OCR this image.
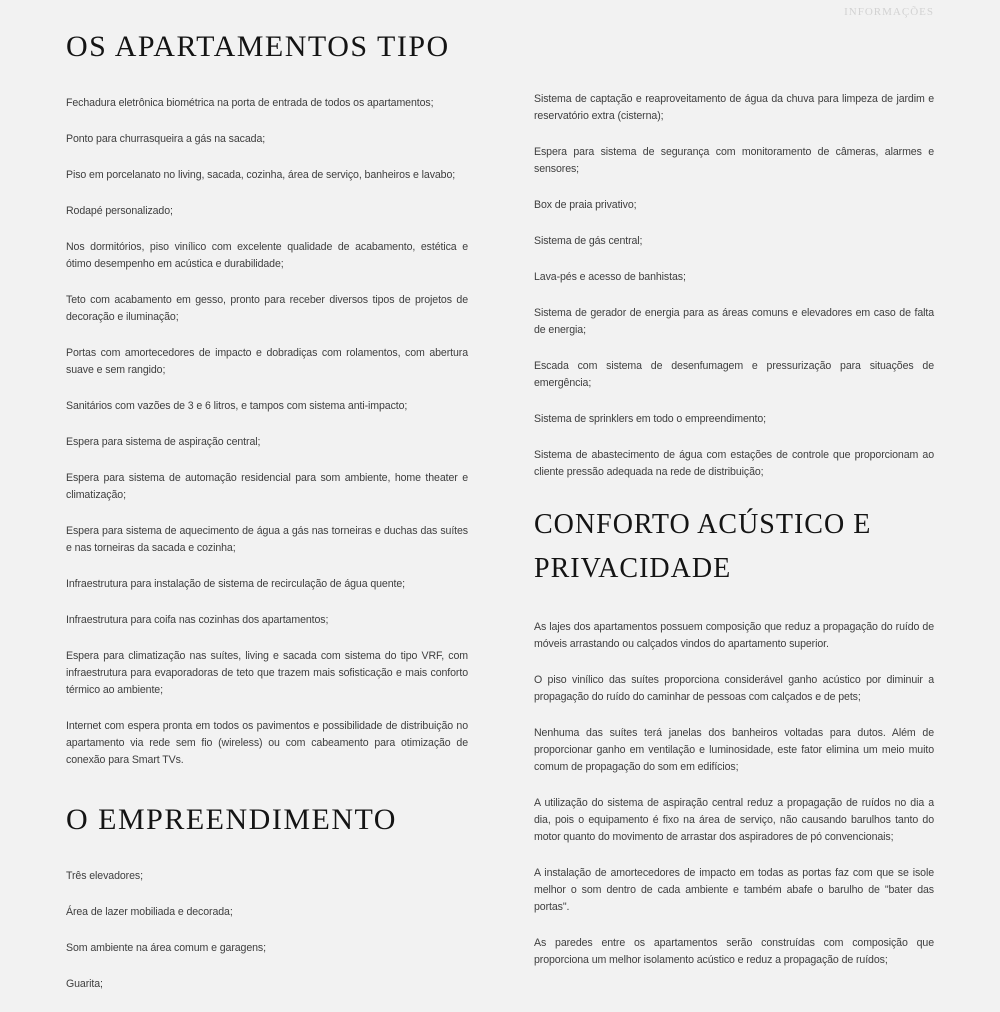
INFORMAÇÕES
OS APARTAMENTOS TIPO
Fechadura eletrônica biométrica na porta de entrada de todos os apartamentos;
Ponto para churrasqueira a gás na sacada;
Piso em porcelanato no living, sacada, cozinha, área de serviço, banheiros e lavabo;
Rodapé personalizado;
Nos dormitórios, piso vinílico com excelente qualidade de acabamento, estética e ótimo desempenho em acústica e durabilidade;
Teto com acabamento em gesso, pronto para receber diversos tipos de projetos de decoração e iluminação;
Portas com amortecedores de impacto e dobradiças com rolamentos, com abertura suave e sem rangido;
Sanitários com vazões de 3 e 6 litros, e tampos com sistema anti-impacto;
Espera para sistema de aspiração central;
Espera para sistema de automação residencial para som ambiente, home theater e climatização;
Espera para sistema de aquecimento de água a gás nas torneiras e duchas das suítes e nas torneiras da sacada e cozinha;
Infraestrutura para instalação de sistema de recirculação de água quente;
Infraestrutura para coifa nas cozinhas dos apartamentos;
Espera para climatização nas suítes, living e sacada com sistema do tipo VRF, com infraestrutura para evaporadoras de teto que trazem mais sofisticação e mais conforto térmico ao ambiente;
Internet com espera pronta em todos os pavimentos e possibilidade de distribuição no apartamento via rede sem fio (wireless) ou com cabeamento para otimização de conexão para Smart TVs.
O EMPREENDIMENTO
Três elevadores;
Área de lazer mobiliada e decorada;
Som ambiente na área comum e garagens;
Guarita;
Sistema de captação e reaproveitamento de água da chuva para limpeza de jardim e reservatório extra (cisterna);
Espera para sistema de segurança com monitoramento de câmeras, alarmes e sensores;
Box de praia privativo;
Sistema de gás central;
Lava-pés e acesso de banhistas;
Sistema de gerador de energia para as áreas comuns e elevadores em caso de falta de energia;
Escada com sistema de desenfumagem e pressurização para situações de emergência;
Sistema de sprinklers em todo o empreendimento;
Sistema de abastecimento de água com estações de controle que proporcionam ao cliente pressão adequada na rede de distribuição;
CONFORTO ACÚSTICO E
PRIVACIDADE

As lajes dos apartamentos possuem composição que reduz a propagação do ruído de móveis arrastando ou calçados vindos do apartamento superior.

O piso vinílico das suítes proporciona considerável ganho acústico por diminuir a propagação do ruído do caminhar de pessoas com calçados e de pets;

Nenhuma das suítes terá janelas dos banheiros voltadas para dutos. Além de proporcionar ganho em ventilação e luminosidade, este fator elimina um meio muito comum de propagação do som em edifícios;

A utilização do sistema de aspiração central reduz a propagação de ruídos no dia a dia, pois o equipamento é fixo na área de serviço, não causando barulhos tanto do motor quanto do movimento de arrastar dos aspiradores de pó convencionais;

A instalação de amortecedores de impacto em todas as portas faz com que se isole melhor o som dentro de cada ambiente e também abafe o barulho de "bater das portas".

As paredes entre os apartamentos serão construídas com composição que proporciona um melhor isolamento acústico e reduz a propagação de ruídos;
